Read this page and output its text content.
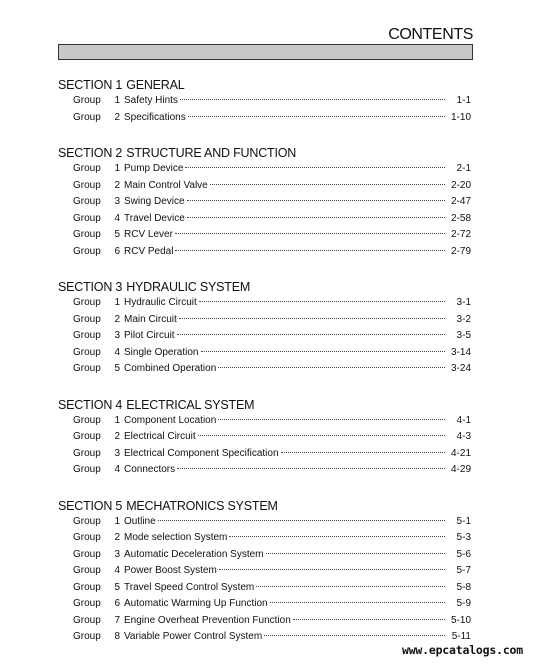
CONTENTS
SECTION 1 GENERAL
Group	1 Safety Hints	1-1
Group	2 Specifications	1-10
SECTION 2 STRUCTURE AND FUNCTION
Group	1 Pump Device	2-1
Group	2 Main Control Valve	2-20
Group	3 Swing Device	2-47
Group	4 Travel Device	2-58
Group	5 RCV Lever	2-72
Group	6 RCV Pedal	2-79
SECTION 3 HYDRAULIC SYSTEM
Group	1 Hydraulic Circuit	3-1
Group	2 Main Circuit	3-2
Group	3 Pilot Circuit	3-5
Group	4 Single Operation	3-14
Group	5 Combined Operation	3-24
SECTION 4 ELECTRICAL SYSTEM
Group	1 Component Location	4-1
Group	2 Electrical Circuit	4-3
Group	3 Electrical Component Specification	4-21
Group	4 Connectors	4-29
SECTION 5 MECHATRONICS SYSTEM
Group	1 Outline	5-1
Group	2 Mode selection System	5-3
Group	3 Automatic Deceleration System	5-6
Group	4 Power Boost System	5-7
Group	5 Travel Speed Control System	5-8
Group	6 Automatic Warming Up Function	5-9
Group	7 Engine Overheat Prevention Function	5-10
Group	8 Variable Power Control System	5-11
www.epcatalogs.com
